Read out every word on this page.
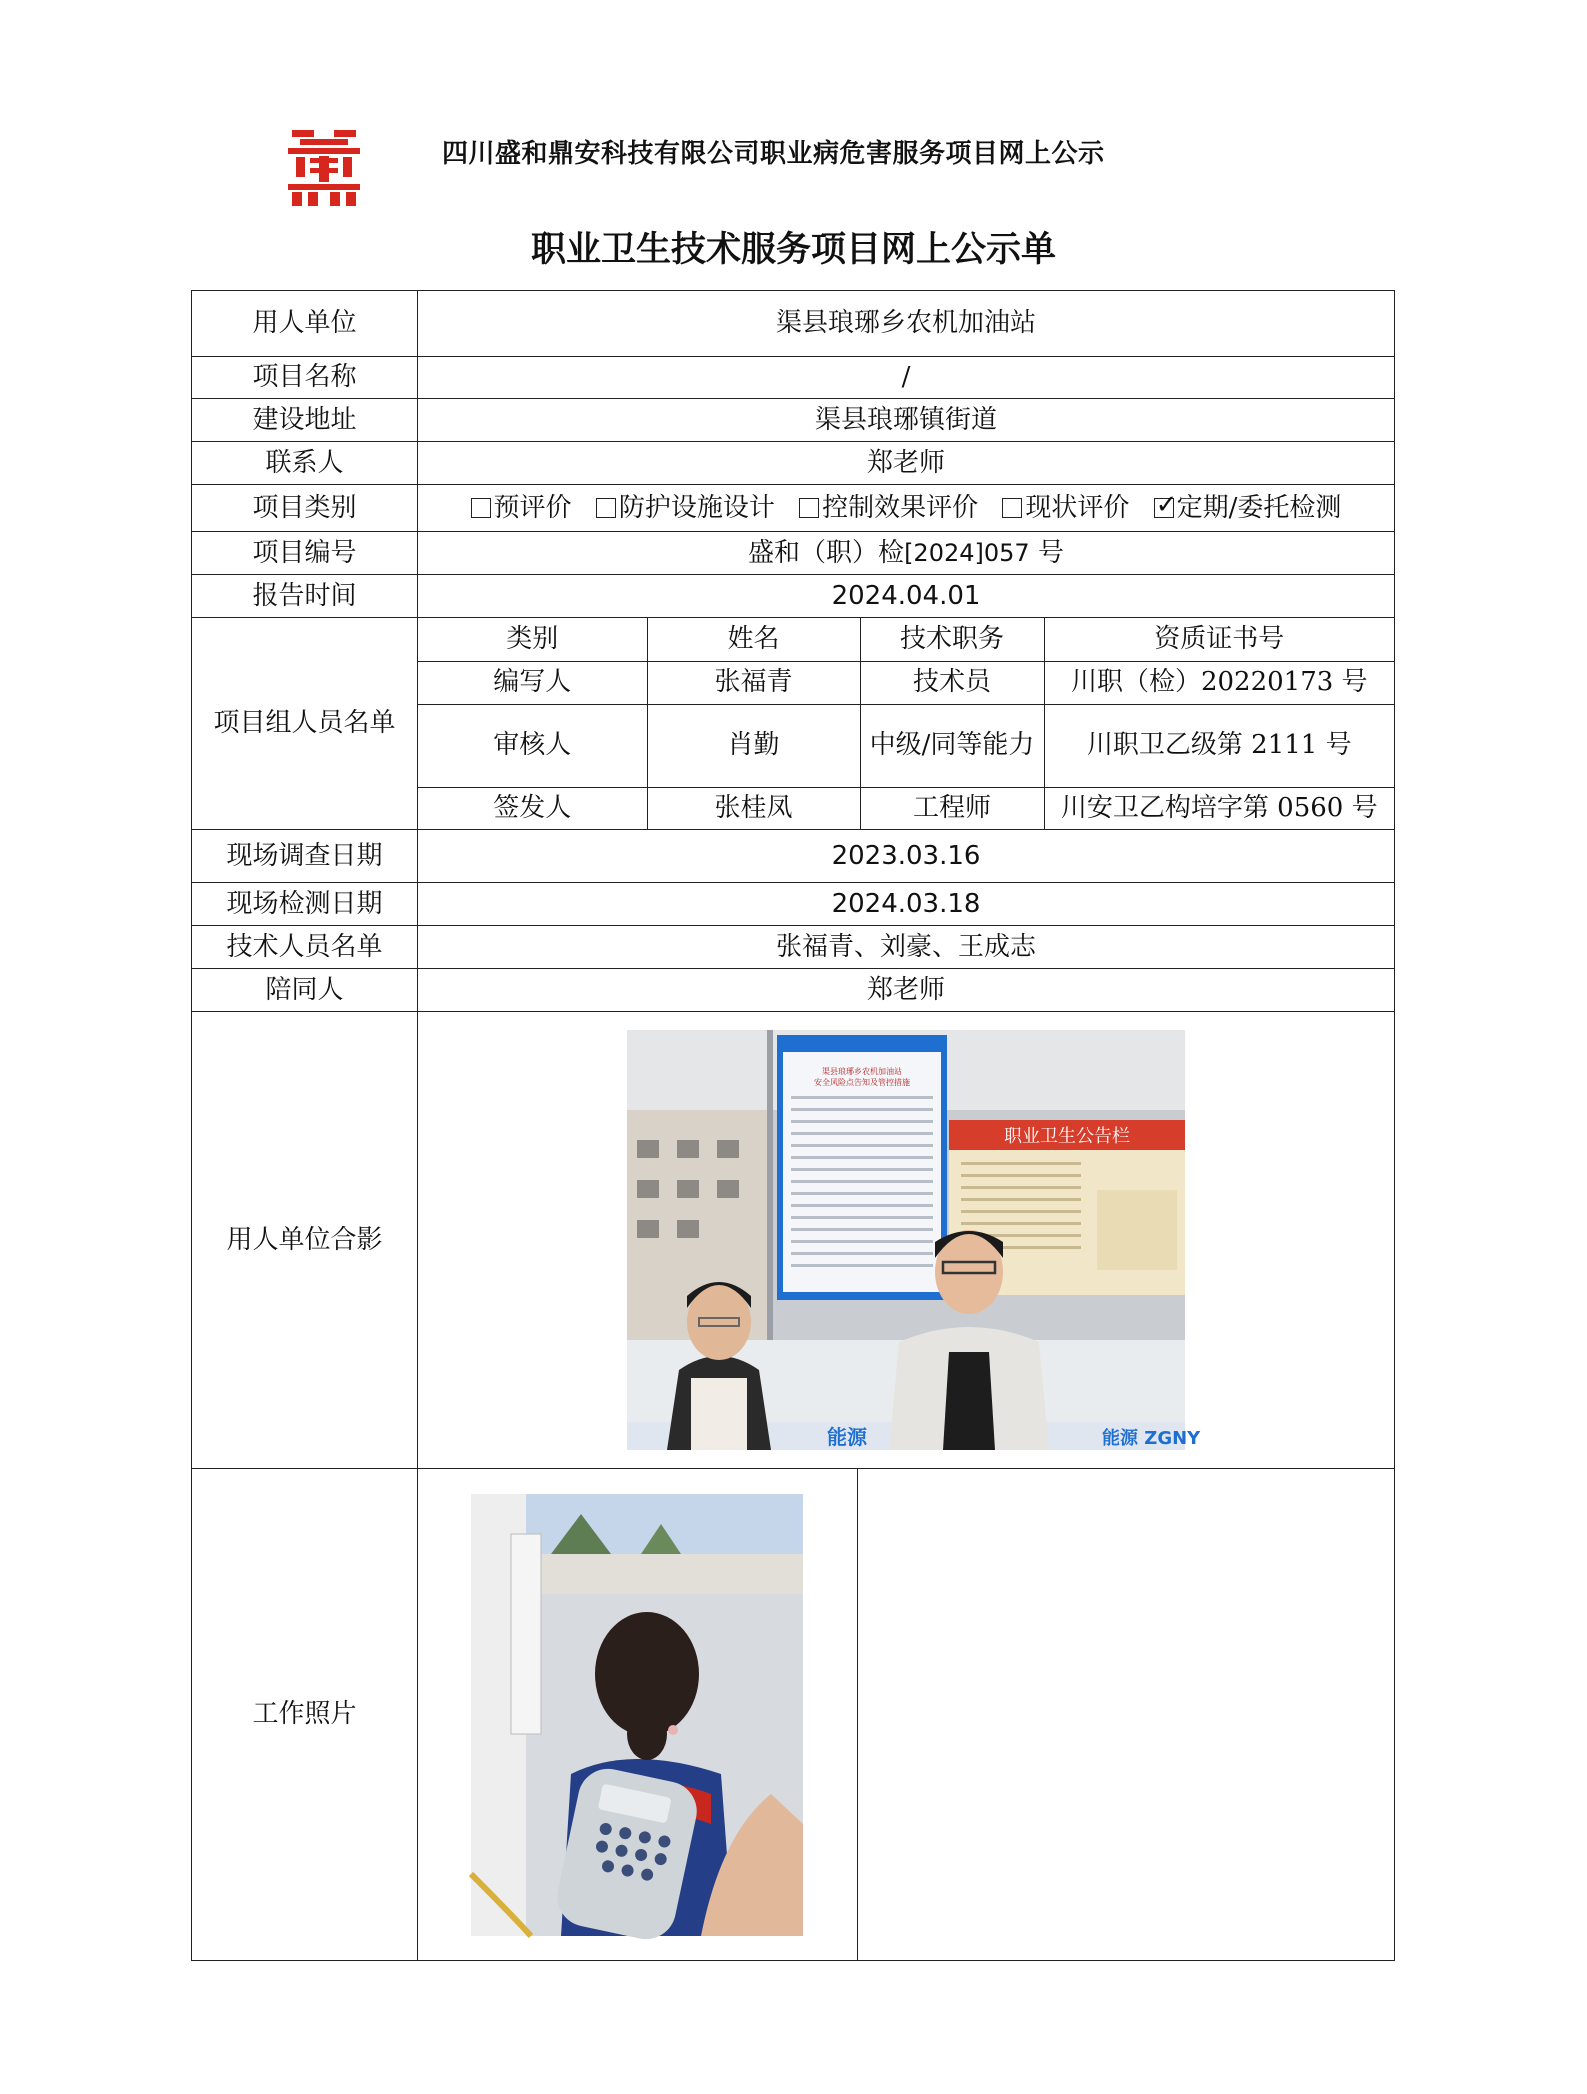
四川盛和鼎安科技有限公司职业病危害服务项目网上公示
职业卫生技术服务项目网上公示单
用人单位	渠县琅琊乡农机加油站
项目名称	/
建设地址	渠县琅琊镇街道
联系人	郑老师
项目类别	预评价 防护设施设计 控制效果评价 现状评价 ✓ 定期/委托检测
项目编号	盛和（职）检[2024]057 号
报告时间	2024.04.01
项目组人员名单	
类别	姓名	技术职务	资质证书号
编写人	张福青	技术员	川职（检）20220173 号
审核人	肖勤	中级/同等能力	川职卫乙级第 2111 号
签发人	张桂凤	工程师	川安卫乙构培字第 0560 号

现场调查日期	2023.03.16
现场检测日期	2024.03.18
技术人员名单	张福青、刘豪、王成志
陪同人	郑老师
用人单位合影	
渠县琅琊乡农机加油站
安全风险点告知及管控措施
职业卫生公告栏
能源	能源 ZGNY

工作照片	
